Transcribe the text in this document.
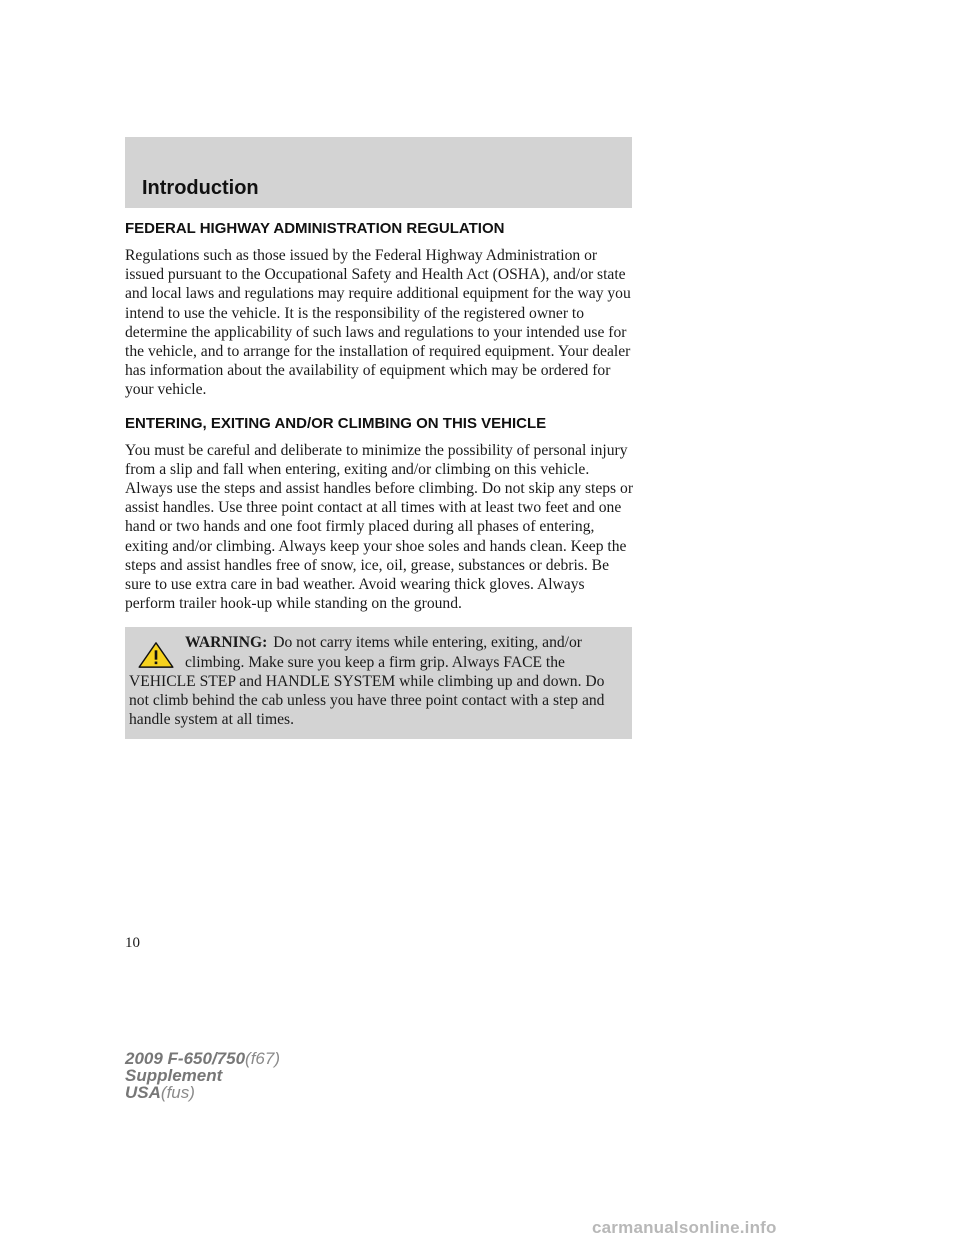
Introduction
FEDERAL HIGHWAY ADMINISTRATION REGULATION

Regulations such as those issued by the Federal Highway Administration or issued pursuant to the Occupational Safety and Health Act (OSHA), and/or state and local laws and regulations may require additional equipment for the way you intend to use the vehicle. It is the responsibility of the registered owner to determine the applicability of such laws and regulations to your intended use for the vehicle, and to arrange for the installation of required equipment. Your dealer has information about the availability of equipment which may be ordered for your vehicle.

ENTERING, EXITING AND/OR CLIMBING ON THIS VEHICLE

You must be careful and deliberate to minimize the possibility of personal injury from a slip and fall when entering, exiting and/or climbing on this vehicle. Always use the steps and assist handles before climbing. Do not skip any steps or assist handles. Use three point contact at all times with at least two feet and one hand or two hands and one foot firmly placed during all phases of entering, exiting and/or climbing. Always keep your shoe soles and hands clean. Keep the steps and assist handles free of snow, ice, oil, grease, substances or debris. Be sure to use extra care in bad weather. Avoid wearing thick gloves. Always perform trailer hook-up while standing on the ground.

WARNING: Do not carry items while entering, exiting, and/or climbing. Make sure you keep a firm grip. Always FACE the VEHICLE STEP and HANDLE SYSTEM while climbing up and down. Do not climb behind the cab unless you have three point contact with a step and handle system at all times.
10
2009 F-650/750(f67)
Supplement
USA(fus)
carmanualsonline.info
